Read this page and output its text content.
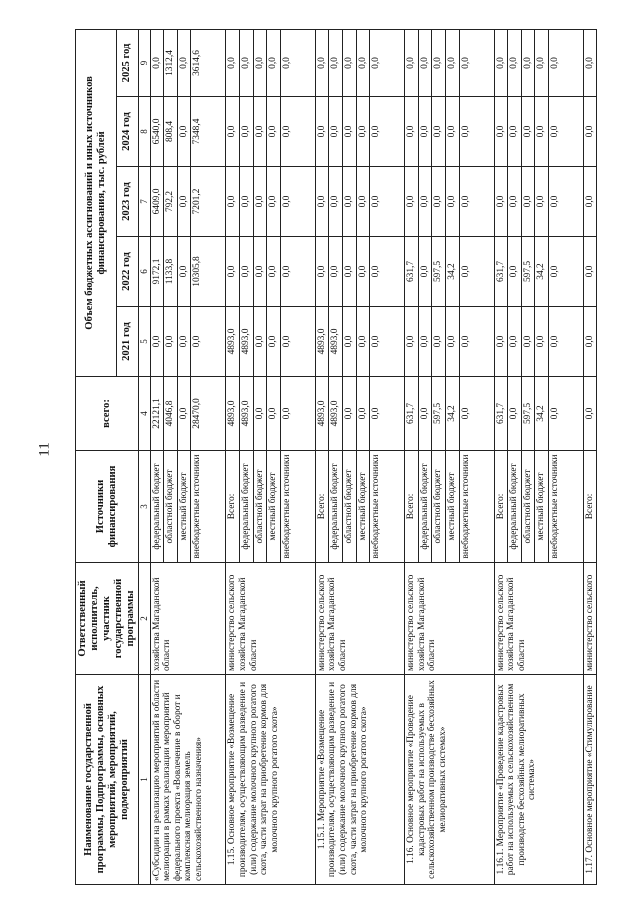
11
Наименование государственной программы, Подпрограммы, основных мероприятий, мероприятий, подмероприятий	Ответственный исполнитель, участник государственной программы	Источники финансирования	всего:	Объем бюджетных ассигнований и иных источников финансирования, тыс. рублей				
				2021 год	2022 год	2023 год	2024 год	2025 год
1	2	3	4	5	6	7	8	9
«Субсидии на реализацию мероприятий в области мелиорации в рамках реализации мероприятий федерального проекта «Вовлечение в оборот и комплексная мелиорация земель сельскохозяйственного назначения»	хозяйства Магаданской области	федеральный бюджет	22121,1	0,0	9172,1	6409,0	6540,0	0,0
		областной бюджет	4046,8	0,0	1133,8	792,2	808,4	1312,4
		местный бюджет	0,0	0,0	0,0	0,0	0,0	0,0
		внебюджетные источники	28470,0	0,0	10305,8	7201,2	7348,4	3614,6
1.15. Основное мероприятие «Возмещение производителям, осуществляющим разведение и (или) содержание молочного крупного рогатого скота, части затрат на приобретение кормов для молочного крупного рогатого скота»	министерство сельского хозяйства Магаданской области	Всего:	4893,0	4893,0	0,0	0,0	0,0	0,0
		федеральный бюджет	4893,0	4893,0	0,0	0,0	0,0	0,0
		областной бюджет	0,0	0,0	0,0	0,0	0,0	0,0
		местный бюджет	0,0	0,0	0,0	0,0	0,0	0,0
		внебюджетные источники	0,0	0,0	0,0	0,0	0,0	0,0
1.15.1. Мероприятие «Возмещение производителям, осуществляющим разведение и (или) содержание молочного крупного рогатого скота, части затрат на приобретение кормов для молочного крупного рогатого скота»	министерство сельского хозяйства Магаданской области	Всего:	4893,0	4893,0	0,0	0,0	0,0	0,0
		федеральный бюджет	4893,0	4893,0	0,0	0,0	0,0	0,0
		областной бюджет	0,0	0,0	0,0	0,0	0,0	0,0
		местный бюджет	0,0	0,0	0,0	0,0	0,0	0,0
		внебюджетные источники	0,0	0,0	0,0	0,0	0,0	0,0
1.16. Основное мероприятие «Проведение кадастровых работ на используемых в сельскохозяйственном производстве бесхозяйных мелиоративных системах»	министерство сельского хозяйства Магаданской области	Всего:	631,7	0,0	631,7	0,0	0,0	0,0
		федеральный бюджет	0,0	0,0	0,0	0,0	0,0	0,0
		областной бюджет	597,5	0,0	597,5	0,0	0,0	0,0
		местный бюджет	34,2	0,0	34,2	0,0	0,0	0,0
		внебюджетные источники	0,0	0,0	0,0	0,0	0,0	0,0
1.16.1. Мероприятие «Проведение кадастровых работ на используемых в сельскохозяйственном производстве бесхозяйных мелиоративных системах»	министерство сельского хозяйства Магаданской области	Всего:	631,7	0,0	631,7	0,0	0,0	0,0
		федеральный бюджет	0,0	0,0	0,0	0,0	0,0	0,0
		областной бюджет	597,5	0,0	597,5	0,0	0,0	0,0
		местный бюджет	34,2	0,0	34,2	0,0	0,0	0,0
		внебюджетные источники	0,0	0,0	0,0	0,0	0,0	0,0
1.17. Основное мероприятие «Стимулирование	министерство сельского	Всего:	0,0	0,0	0,0	0,0	0,0	0,0
